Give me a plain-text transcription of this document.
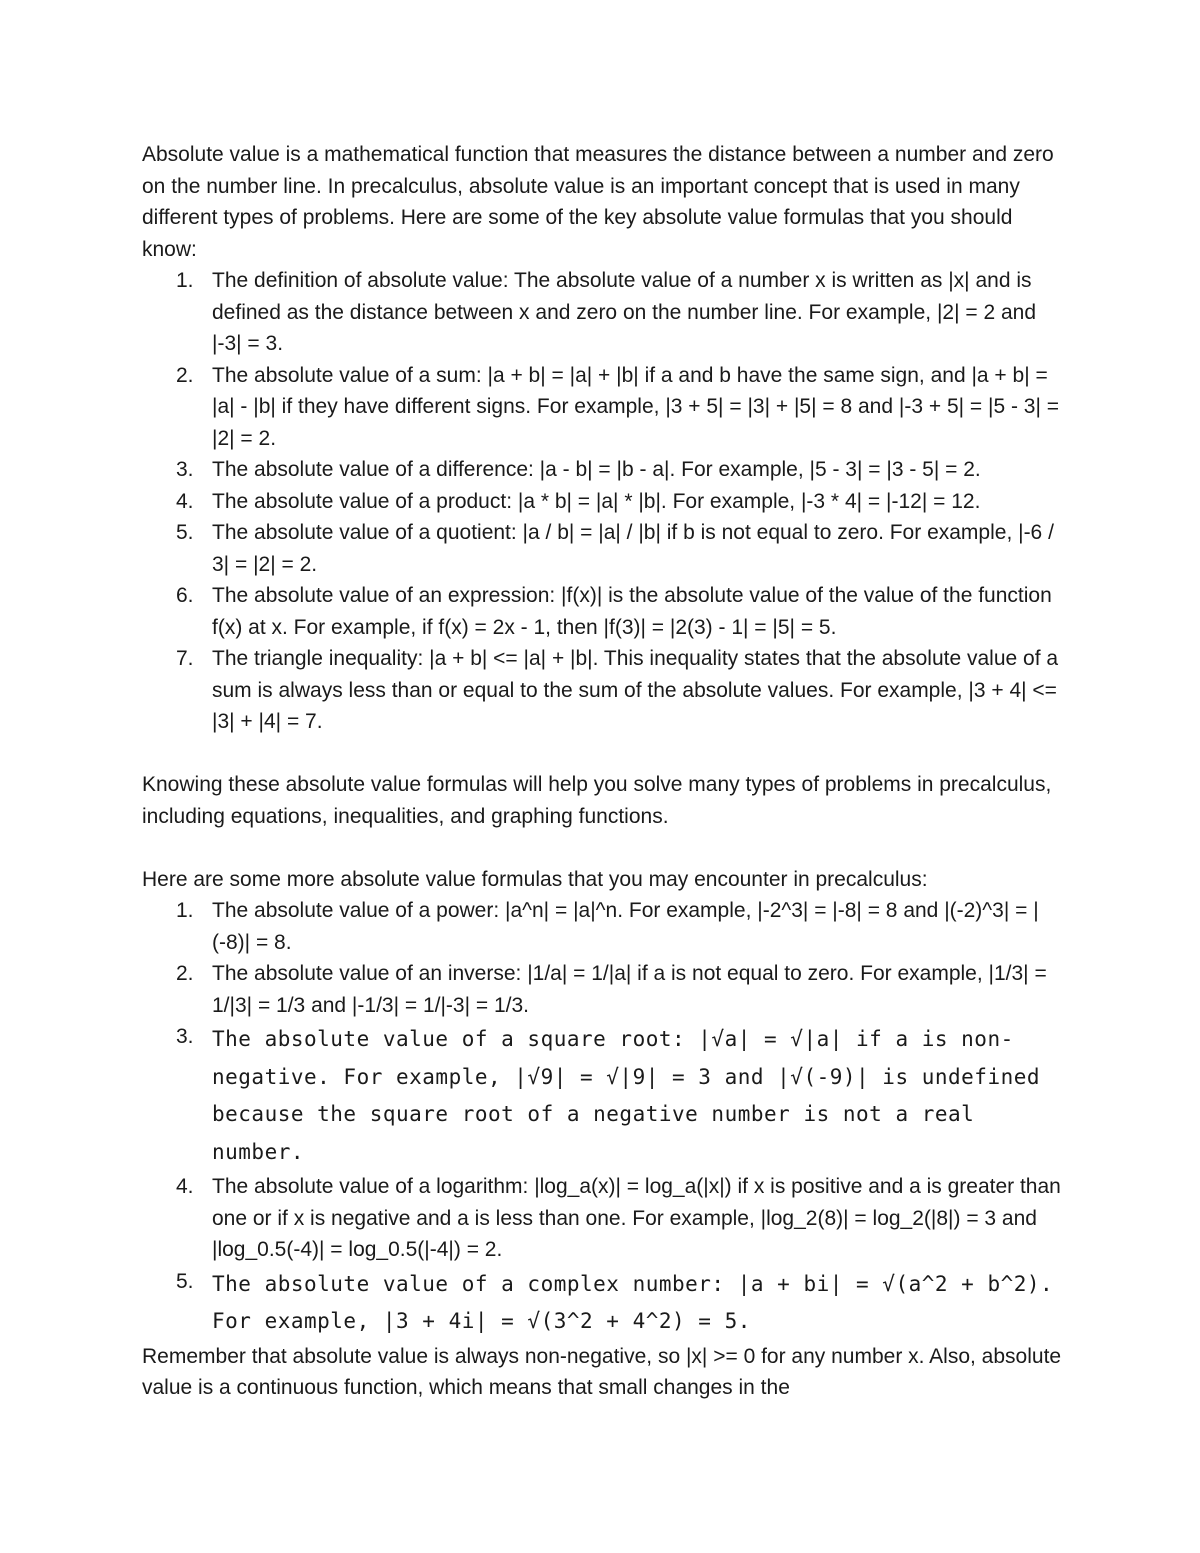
Absolute value is a mathematical function that measures the distance between a number and zero on the number line. In precalculus, absolute value is an important concept that is used in many different types of problems. Here are some of the key absolute value formulas that you should know:

1. The definition of absolute value: The absolute value of a number x is written as |x| and is defined as the distance between x and zero on the number line. For example, |2| = 2 and |-3| = 3.
2. The absolute value of a sum: |a + b| = |a| + |b| if a and b have the same sign, and |a + b| = |a| - |b| if they have different signs. For example, |3 + 5| = |3| + |5| = 8 and |-3 + 5| = |5 - 3| = |2| = 2.
3. The absolute value of a difference: |a - b| = |b - a|. For example, |5 - 3| = |3 - 5| = 2.
4. The absolute value of a product: |a * b| = |a| * |b|. For example, |-3 * 4| = |-12| = 12.
5. The absolute value of a quotient: |a / b| = |a| / |b| if b is not equal to zero. For example, |-6 / 3| = |2| = 2.
6. The absolute value of an expression: |f(x)| is the absolute value of the value of the function f(x) at x. For example, if f(x) = 2x - 1, then |f(3)| = |2(3) - 1| = |5| = 5.
7. The triangle inequality: |a + b| <= |a| + |b|. This inequality states that the absolute value of a sum is always less than or equal to the sum of the absolute values. For example, |3 + 4| <= |3| + |4| = 7.

Knowing these absolute value formulas will help you solve many types of problems in precalculus, including equations, inequalities, and graphing functions.

Here are some more absolute value formulas that you may encounter in precalculus:

1. The absolute value of a power: |a^n| = |a|^n. For example, |-2^3| = |-8| = 8 and |(-2)^3| = |(-8)| = 8.
2. The absolute value of an inverse: |1/a| = 1/|a| if a is not equal to zero. For example, |1/3| = 1/|3| = 1/3 and |-1/3| = 1/|-3| = 1/3.
3. The absolute value of a square root: |√a| = √|a| if a is non-negative. For example, |√9| = √|9| = 3 and |√(-9)| is undefined because the square root of a negative number is not a real number.
4. The absolute value of a logarithm: |log_a(x)| = log_a(|x|) if x is positive and a is greater than one or if x is negative and a is less than one. For example, |log_2(8)| = log_2(|8|) = 3 and |log_0.5(-4)| = log_0.5(|-4|) = 2.
5. The absolute value of a complex number: |a + bi| = √(a^2 + b^2). For example, |3 + 4i| = √(3^2 + 4^2) = 5.

Remember that absolute value is always non-negative, so |x| >= 0 for any number x. Also, absolute value is a continuous function, which means that small changes in the
